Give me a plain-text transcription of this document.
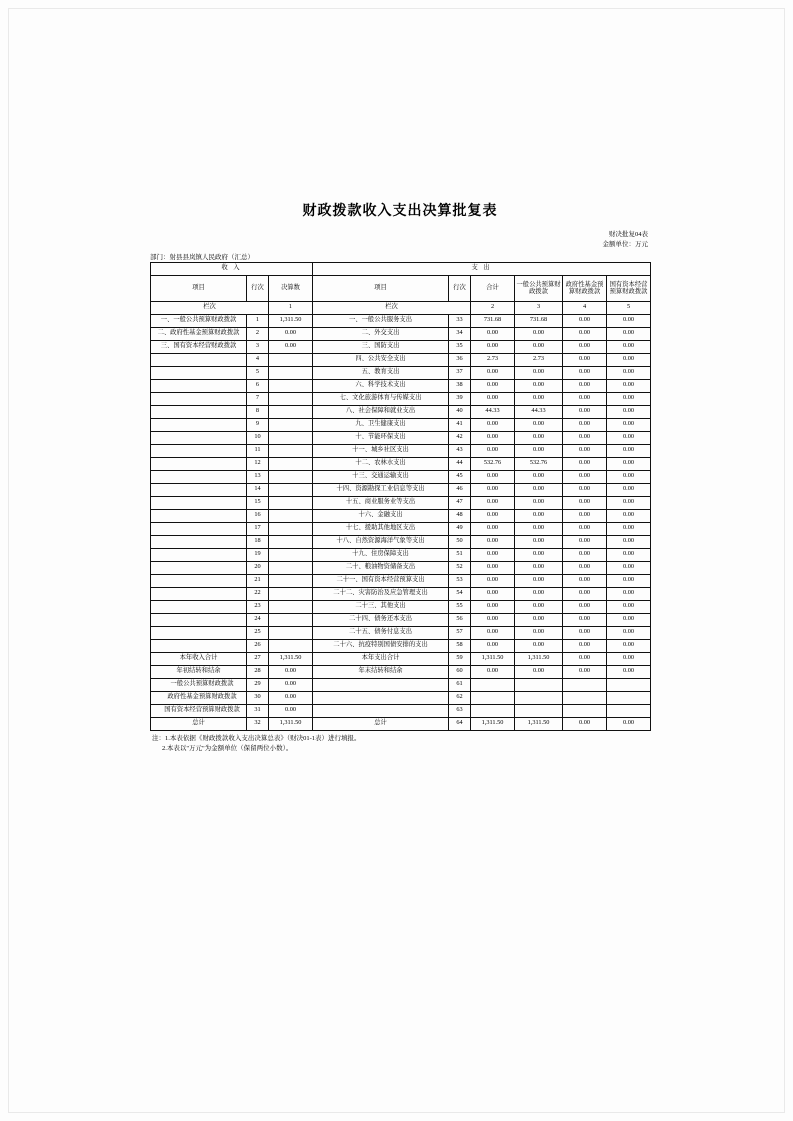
财政拨款收入支出决算批复表
财决批复04表
金额单位：万元
部门：射县县岚镇人民政府（汇总）
收 入			支 出					
项目	行次	决算数	项目	行次	合计	一般公共预算财政拨款	政府性基金预算财政拨款	国有资本经营预算财政拨款
栏次		1	栏次		2	3	4	5
一、一般公共预算财政拨款	1	1,311.50	一、一般公共服务支出	33	731.68	731.68	0.00	0.00
二、政府性基金预算财政拨款	2	0.00	二、外交支出	34	0.00	0.00	0.00	0.00
三、国有资本经营财政拨款	3	0.00	三、国防支出	35	0.00	0.00	0.00	0.00
	4		四、公共安全支出	36	2.73	2.73	0.00	0.00
	5		五、教育支出	37	0.00	0.00	0.00	0.00
	6		六、科学技术支出	38	0.00	0.00	0.00	0.00
	7		七、文化旅游体育与传媒支出	39	0.00	0.00	0.00	0.00
	8		八、社会保障和就业支出	40	44.33	44.33	0.00	0.00
	9		九、卫生健康支出	41	0.00	0.00	0.00	0.00
	10		十、节能环保支出	42	0.00	0.00	0.00	0.00
	11		十一、城乡社区支出	43	0.00	0.00	0.00	0.00
	12		十二、农林水支出	44	532.76	532.76	0.00	0.00
	13		十三、交通运输支出	45	0.00	0.00	0.00	0.00
	14		十四、资源勘探工业信息等支出	46	0.00	0.00	0.00	0.00
	15		十五、商业服务业等支出	47	0.00	0.00	0.00	0.00
	16		十六、金融支出	48	0.00	0.00	0.00	0.00
	17		十七、援助其他地区支出	49	0.00	0.00	0.00	0.00
	18		十八、自然资源海洋气象等支出	50	0.00	0.00	0.00	0.00
	19		十九、住房保障支出	51	0.00	0.00	0.00	0.00
	20		二十、粮油物资储备支出	52	0.00	0.00	0.00	0.00
	21		二十一、国有资本经营预算支出	53	0.00	0.00	0.00	0.00
	22		二十二、灾害防治及应急管理支出	54	0.00	0.00	0.00	0.00
	23		二十三、其他支出	55	0.00	0.00	0.00	0.00
	24		二十四、债务还本支出	56	0.00	0.00	0.00	0.00
	25		二十五、债务付息支出	57	0.00	0.00	0.00	0.00
	26		二十六、抗疫特别国债安排的支出	58	0.00	0.00	0.00	0.00
本年收入合计	27	1,311.50	本年支出合计	59	1,311.50	1,311.50	0.00	0.00
年初结转和结余	28	0.00	年末结转和结余	60	0.00	0.00	0.00	0.00
一般公共预算财政拨款	29	0.00		61				
政府性基金预算财政拨款	30	0.00		62				
国有资本经营预算财政拨款	31	0.00		63				
总计	32	1,311.50	总计	64	1,311.50	1,311.50	0.00	0.00
注：1.本表依据《财政拨款收入支出决算总表》（财决01-1表）进行填报。
2.本表以"万元"为金额单位（保留两位小数）。
